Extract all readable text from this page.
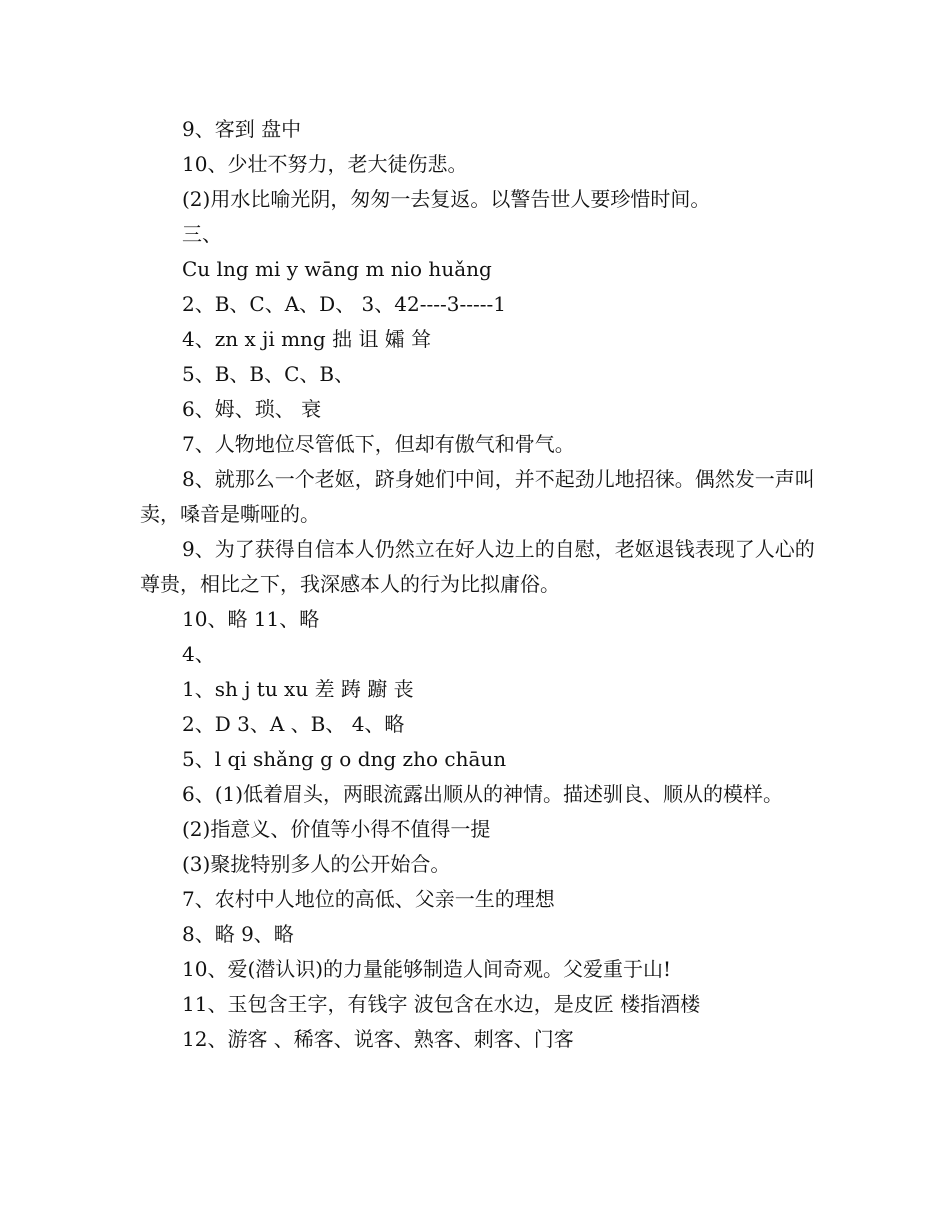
9、客到 盘中

10、少壮不努力，老大徒伤悲。

(2)用水比喻光阴，匆匆一去复返。以警告世人要珍惜时间。

三、

Cu lng mi y wāng m nio huǎng

2、B、C、A、D、 3、42----3-----1

4、zn x ji mng 拙 诅 孀 耸

5、B、B、C、B、

6、姆、琐、 衰

7、人物地位尽管低下，但却有傲气和骨气。

8、就那么一个老妪，跻身她们中间，并不起劲儿地招徕。偶然发一声叫卖，嗓音是嘶哑的。

9、为了获得自信本人仍然立在好人边上的自慰，老妪退钱表现了人心的尊贵，相比之下，我深感本人的行为比拟庸俗。

10、略 11、略

4、

1、sh j tu xu 差 踌 躕 丧

2、D 3、A 、B、 4、略

5、l qi shǎng g o dng zho chāun

6、(1)低着眉头，两眼流露出顺从的神情。描述驯良、顺从的模样。

(2)指意义、价值等小得不值得一提

(3)聚拢特别多人的公开始合。

7、农村中人地位的高低、父亲一生的理想

8、略 9、略

10、爱(潜认识)的力量能够制造人间奇观。父爱重于山!

11、玉包含王字，有钱字 波包含在水边，是皮匠 楼指酒楼

12、游客 、稀客、说客、熟客、刺客、门客
